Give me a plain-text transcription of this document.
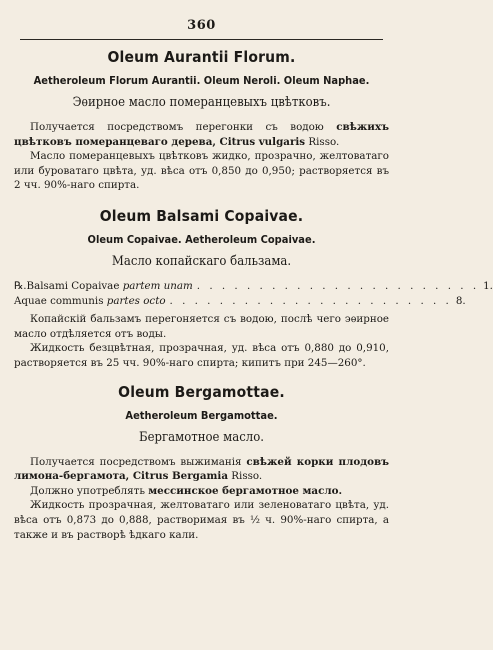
360
Oleum Aurantii Florum.
Aetheroleum Florum Aurantii. Oleum Neroli. Oleum Naphae.
Эѳирное масло померанцевыхъ цвѣтковъ.

Получается посредствомъ перегонки съ водою свѣжихъ цвѣтковъ померанцеваго дерева, Citrus vulgaris Risso.

Масло померанцевыхъ цвѣтковъ жидко, прозрачно, желтоватаго или буроватаго цвѣта, уд. вѣса отъ 0,850 до 0,950; растворяется въ 2 чч. 90%-наго спирта.

Oleum Balsami Copaivae.
Oleum Copaivae. Aetheroleum Copaivae.
Масло копайскаго бальзама.
℞. Balsami Copaivae partem unam . . . . . . . . . . . . . . . . . . . . . . . 1.
Aquae communis partes octo . . . . . . . . . . . . . . . . . . . . . . . 8.

Копайскій бальзамъ перегоняется съ водою, послѣ чего эѳирное масло отдѣляется отъ воды.

Жидкость безцвѣтная, прозрачная, уд. вѣса отъ 0,880 до 0,910, растворяется въ 25 чч. 90%-наго спирта; кипитъ при 245—260°.

Oleum Bergamottae.
Aetheroleum Bergamottae.
Бергамотное масло.

Получается посредствомъ выжиманія свѣжей корки плодовъ лимона-бергамота, Citrus Bergamia Risso.

Должно употреблять мессинское бергамотное масло.

Жидкость прозрачная, желтоватаго или зеленоватаго цвѣта, уд. вѣса отъ 0,873 до 0,888, растворимая въ ½ ч. 90%-наго спирта, а также и въ растворѣ ѣдкаго кали.
